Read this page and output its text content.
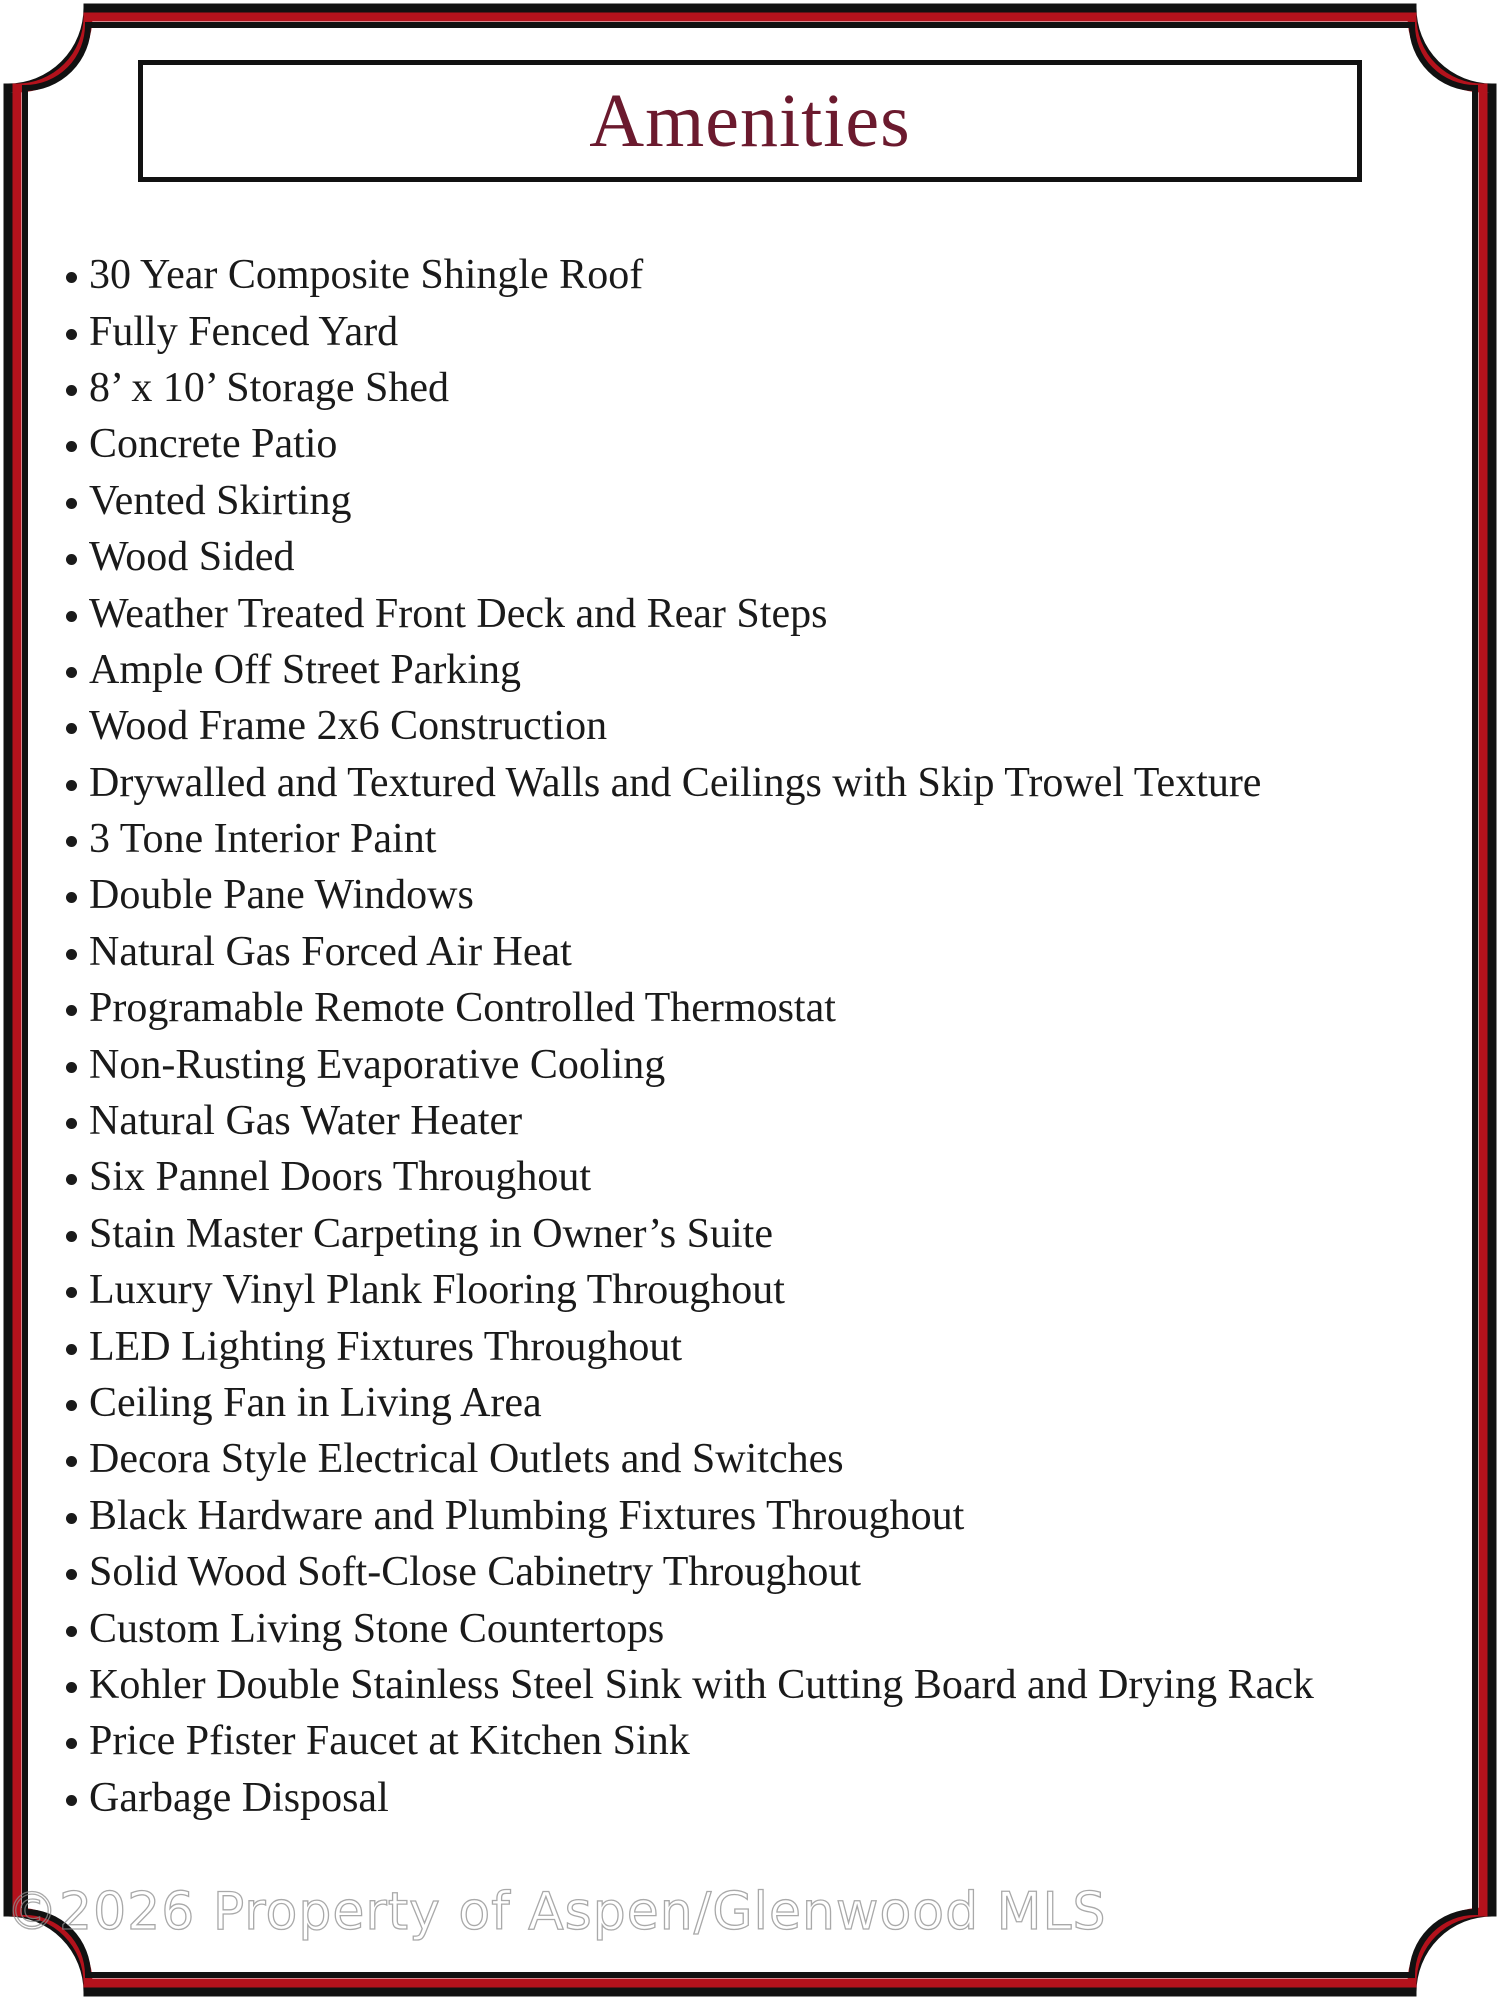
Amenities
30 Year Composite Shingle Roof
Fully Fenced Yard
8’ x 10’ Storage Shed
Concrete Patio
Vented Skirting
Wood Sided
Weather Treated Front Deck and Rear Steps
Ample Off Street Parking
Wood Frame 2x6 Construction
Drywalled and Textured Walls and Ceilings with Skip Trowel Texture
3 Tone Interior Paint
Double Pane Windows
Natural Gas Forced Air Heat
Programable Remote Controlled Thermostat
Non-Rusting Evaporative Cooling
Natural Gas Water Heater
Six Pannel Doors Throughout
Stain Master Carpeting in Owner’s Suite
Luxury Vinyl Plank Flooring Throughout
LED Lighting Fixtures Throughout
Ceiling Fan in Living Area
Decora Style Electrical Outlets and Switches
Black Hardware and Plumbing Fixtures Throughout
Solid Wood Soft-Close Cabinetry Throughout
Custom Living Stone Countertops
Kohler Double Stainless Steel Sink with Cutting Board and Drying Rack
Price Pfister Faucet at Kitchen Sink
Garbage Disposal
©2026 Property of Aspen/Glenwood MLS
